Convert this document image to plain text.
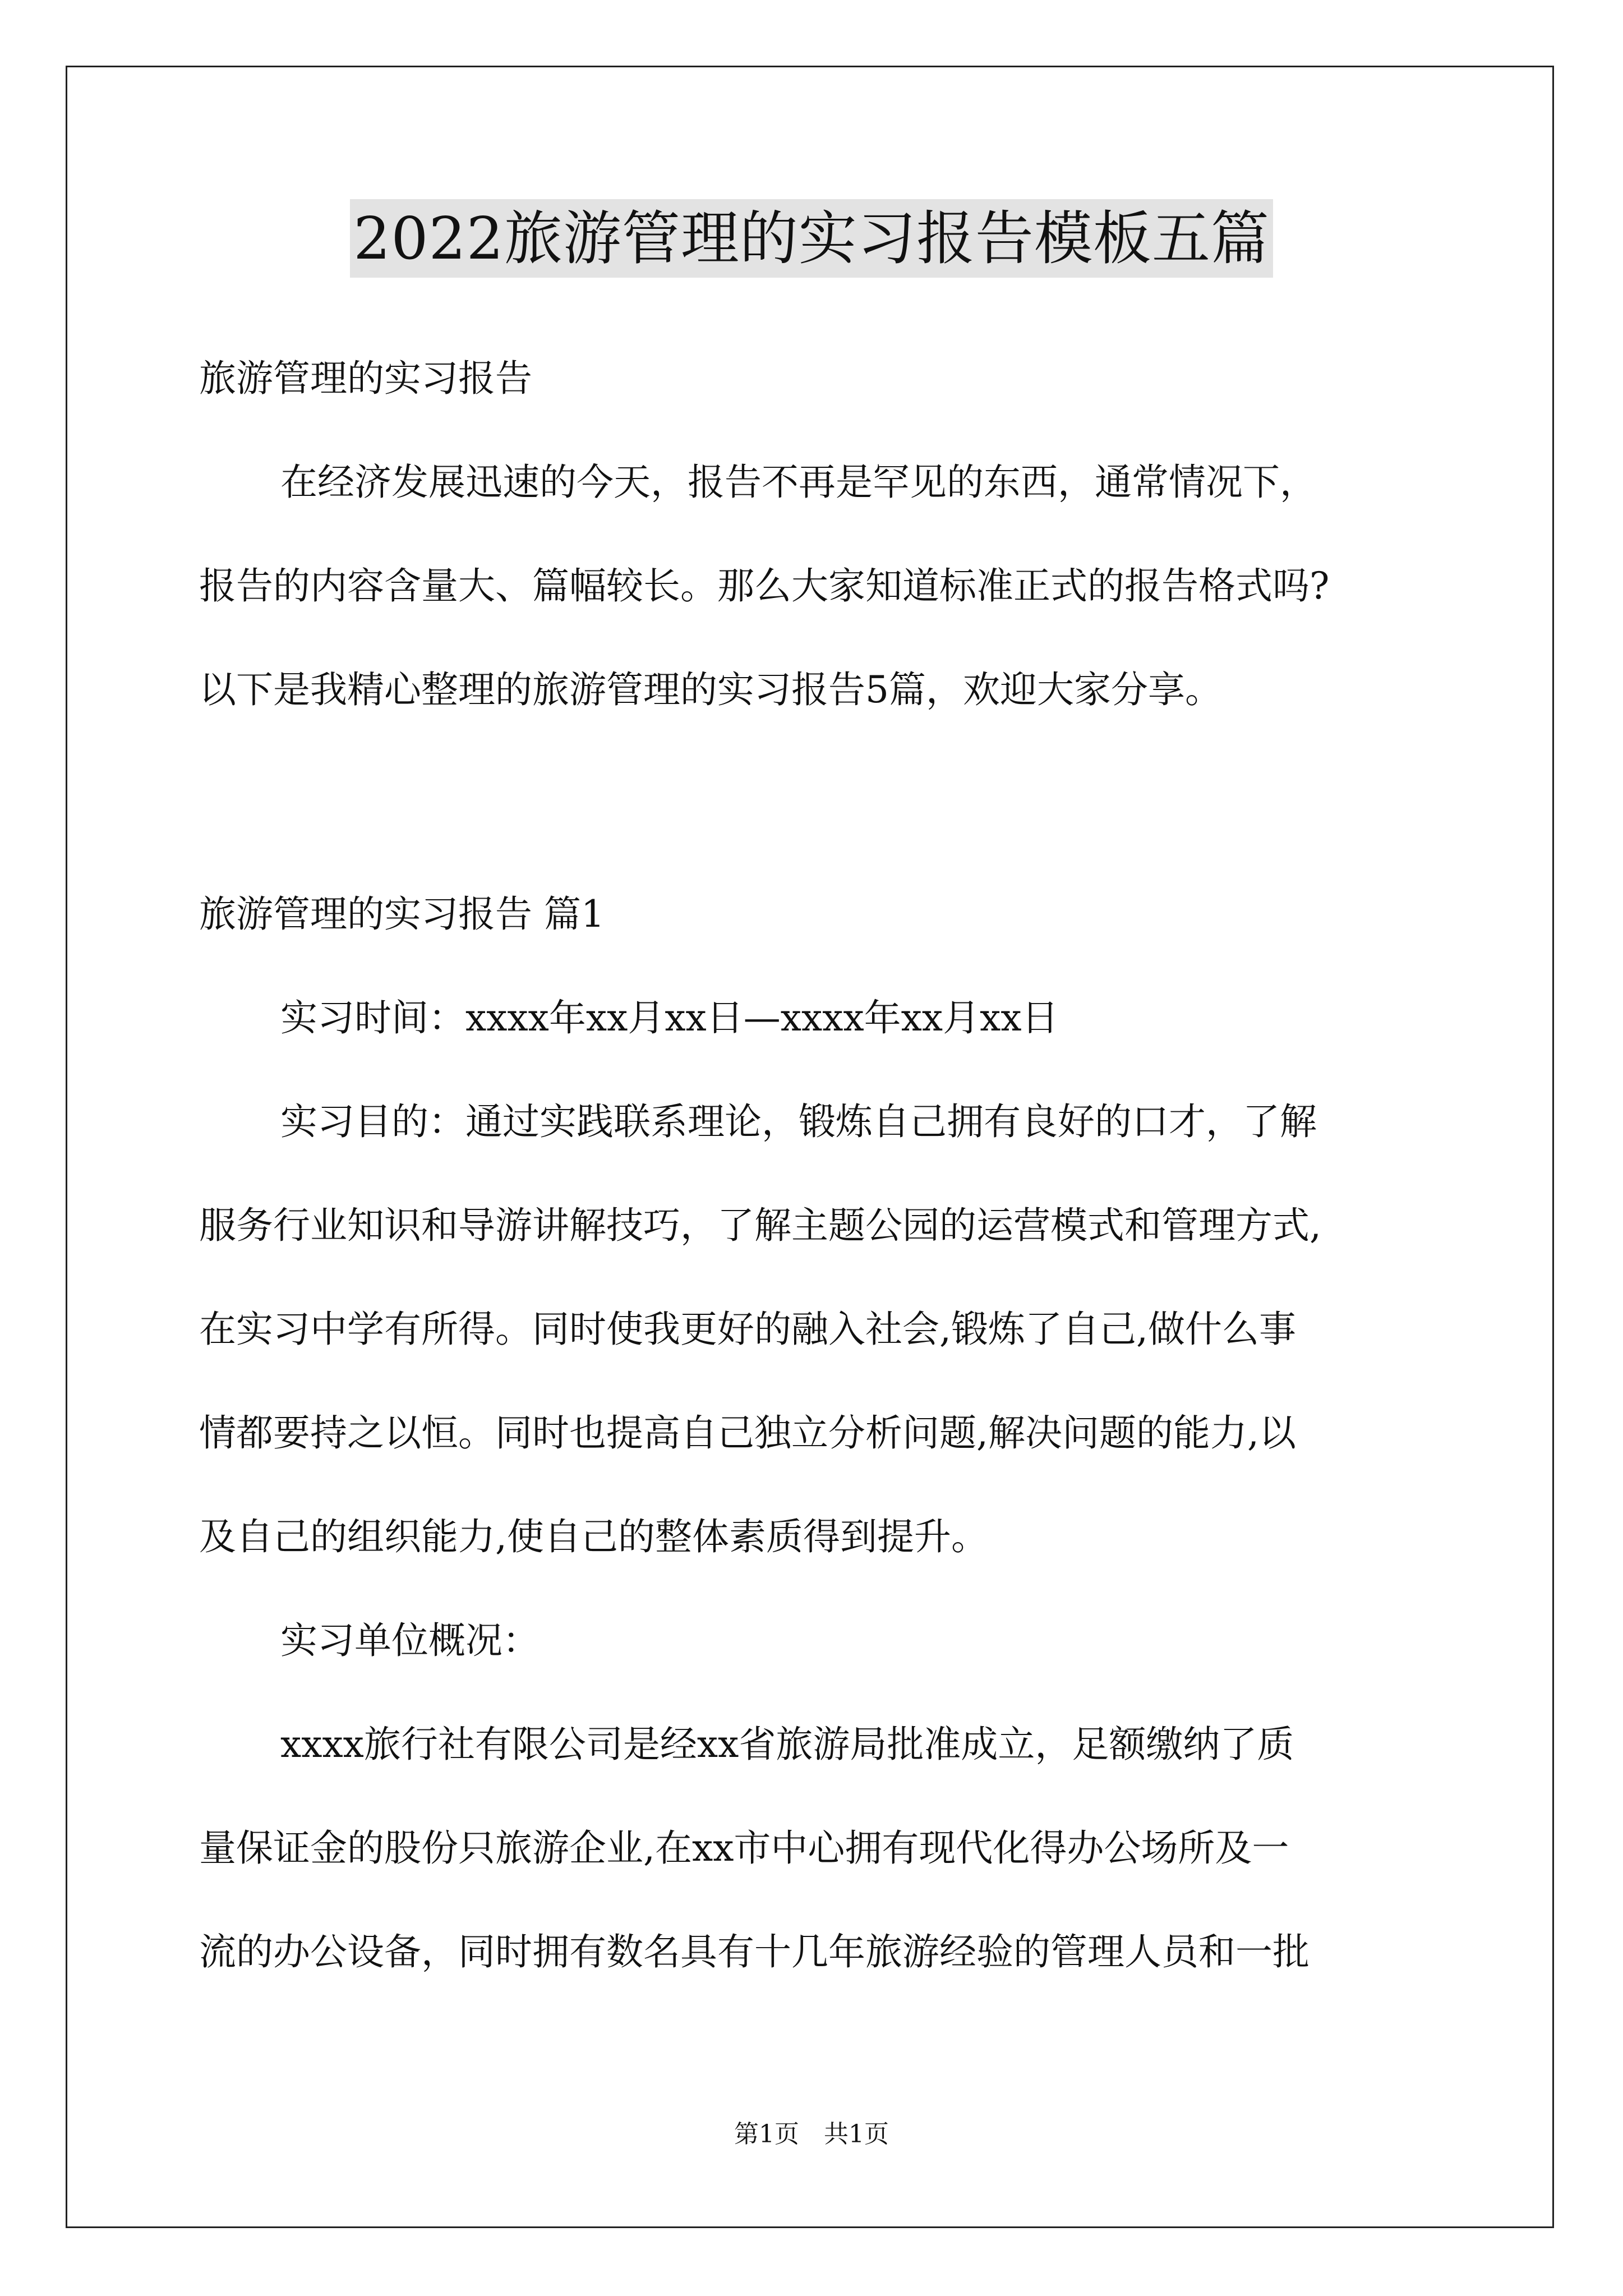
2022旅游管理的实习报告模板五篇
旅游管理的实习报告
在经济发展迅速的今天，报告不再是罕见的东西，通常情况下，
报告的内容含量大、篇幅较长。那么大家知道标准正式的报告格式吗?
以下是我精心整理的旅游管理的实习报告5篇，欢迎大家分享。
旅游管理的实习报告 篇1
实习时间：xxxx年xx月xx日—xxxx年xx月xx日
实习目的：通过实践联系理论，锻炼自己拥有良好的口才，了解
服务行业知识和导游讲解技巧，了解主题公园的运营模式和管理方式,
在实习中学有所得。同时使我更好的融入社会,锻炼了自己,做什么事
情都要持之以恒。同时也提高自己独立分析问题,解决问题的能力,以
及自己的组织能力,使自己的整体素质得到提升。
实习单位概况：
xxxx旅行社有限公司是经xx省旅游局批准成立，足额缴纳了质
量保证金的股份只旅游企业,在xx市中心拥有现代化得办公场所及一
流的办公设备，同时拥有数名具有十几年旅游经验的管理人员和一批
第1页　共1页
